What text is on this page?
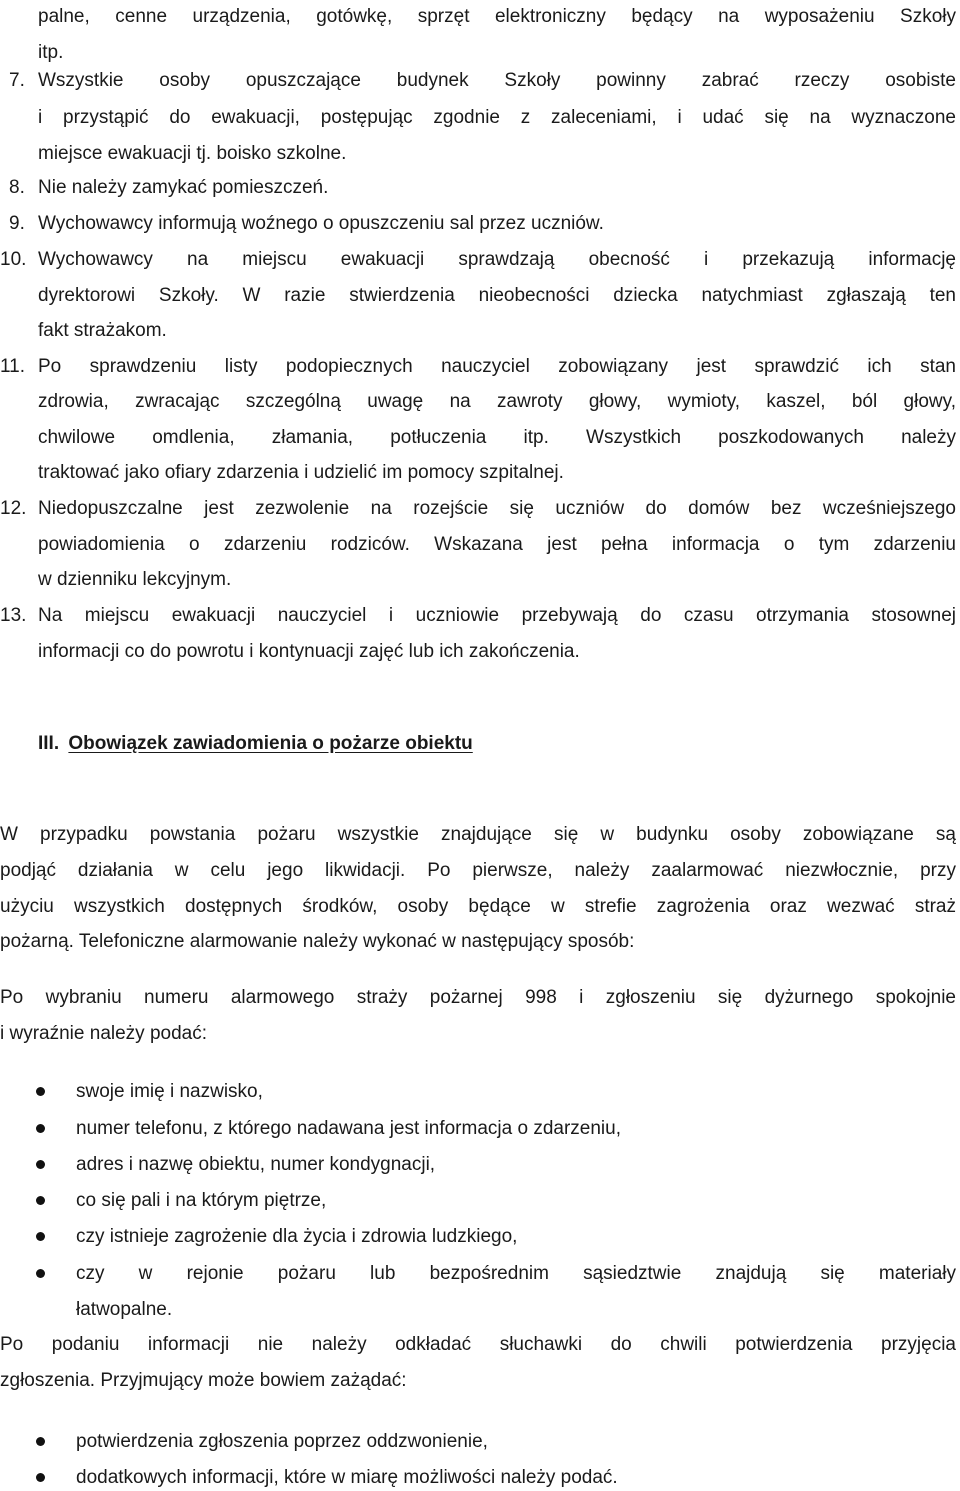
palne, cenne urządzenia, gotówkę, sprzęt elektroniczny będący na wyposażeniu Szkoły
itp.
7. Wszystkie osoby opuszczające budynek Szkoły powinny zabrać rzeczy osobiste
i przystąpić do ewakuacji, postępując zgodnie z zaleceniami, i udać się na wyznaczone
miejsce ewakuacji tj. boisko szkolne.
8. Nie należy zamykać pomieszczeń.
9. Wychowawcy informują woźnego o opuszczeniu sal przez uczniów.
10. Wychowawcy na miejscu ewakuacji sprawdzają obecność i przekazują informację
dyrektorowi Szkoły. W razie stwierdzenia nieobecności dziecka natychmiast zgłaszają ten
fakt strażakom.
11. Po sprawdzeniu listy podopiecznych nauczyciel zobowiązany jest sprawdzić ich stan
zdrowia, zwracając szczególną uwagę na zawroty głowy, wymioty, kaszel, ból głowy,
chwilowe omdlenia, złamania, potłuczenia itp. Wszystkich poszkodowanych należy
traktować jako ofiary zdarzenia i udzielić im pomocy szpitalnej.
12. Niedopuszczalne jest zezwolenie na rozejście się uczniów do domów bez wcześniejszego
powiadomienia o zdarzeniu rodziców. Wskazana jest pełna informacja o tym zdarzeniu
w dzienniku lekcyjnym.
13. Na miejscu ewakuacji nauczyciel i uczniowie przebywają do czasu otrzymania stosownej
informacji co do powrotu i kontynuacji zajęć lub ich zakończenia.
III. Obowiązek zawiadomienia o pożarze obiektu
W przypadku powstania pożaru wszystkie znajdujące się w budynku osoby zobowiązane są
podjąć działania w celu jego likwidacji. Po pierwsze, należy zaalarmować niezwłocznie, przy
użyciu wszystkich dostępnych środków, osoby będące w strefie zagrożenia oraz wezwać straż
pożarną. Telefoniczne alarmowanie należy wykonać w następujący sposób:
Po wybraniu numeru alarmowego straży pożarnej 998 i zgłoszeniu się dyżurnego spokojnie
i wyraźnie należy podać:
swoje imię i nazwisko,
numer telefonu, z którego nadawana jest informacja o zdarzeniu,
adres i nazwę obiektu, numer kondygnacji,
co się pali i na którym piętrze,
czy istnieje zagrożenie dla życia i zdrowia ludzkiego,
czy w rejonie pożaru lub bezpośrednim sąsiedztwie znajdują się materiały
łatwopalne.
Po podaniu informacji nie należy odkładać słuchawki do chwili potwierdzenia przyjęcia
zgłoszenia. Przyjmujący może bowiem zażądać:
potwierdzenia zgłoszenia poprzez oddzwonienie,
dodatkowych informacji, które w miarę możliwości należy podać.
